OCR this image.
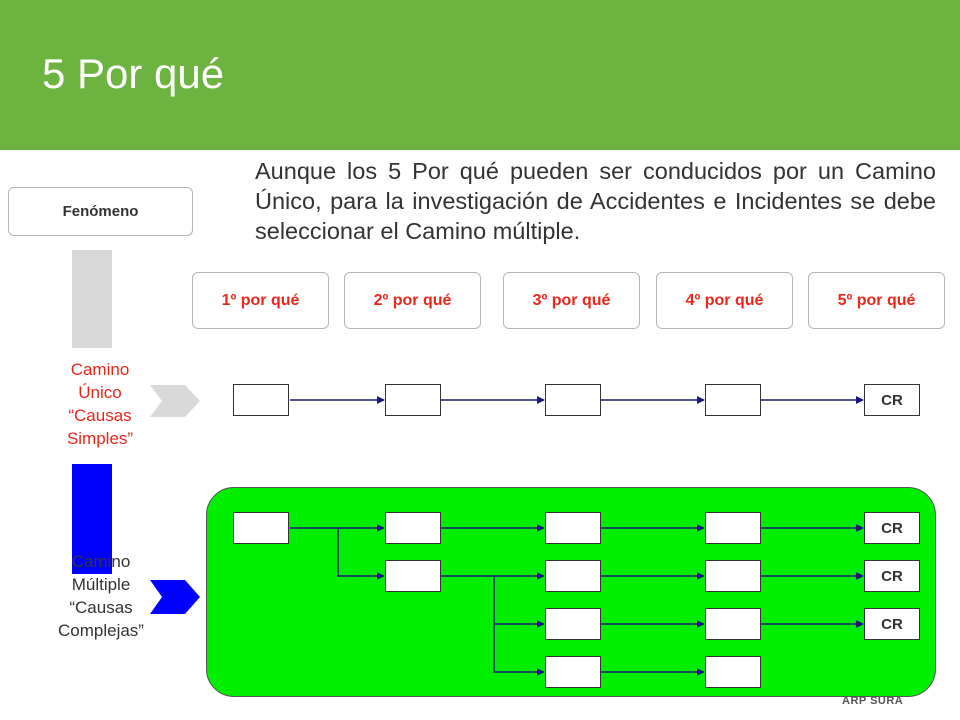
5 Por qué

Aunque los 5 Por qué pueden ser conducidos por un Camino Único, para la investigación de Accidentes e Incidentes se debe seleccionar el Camino múltiple.

Fenómeno
1º por qué	2º por qué	3º por qué	4º por qué	5º por qué
Camino
Único
“Causas
Simples”
Camino
Múltiple
“Causas
Complejas”
CR
CR
CR
CR
ARP SURA
